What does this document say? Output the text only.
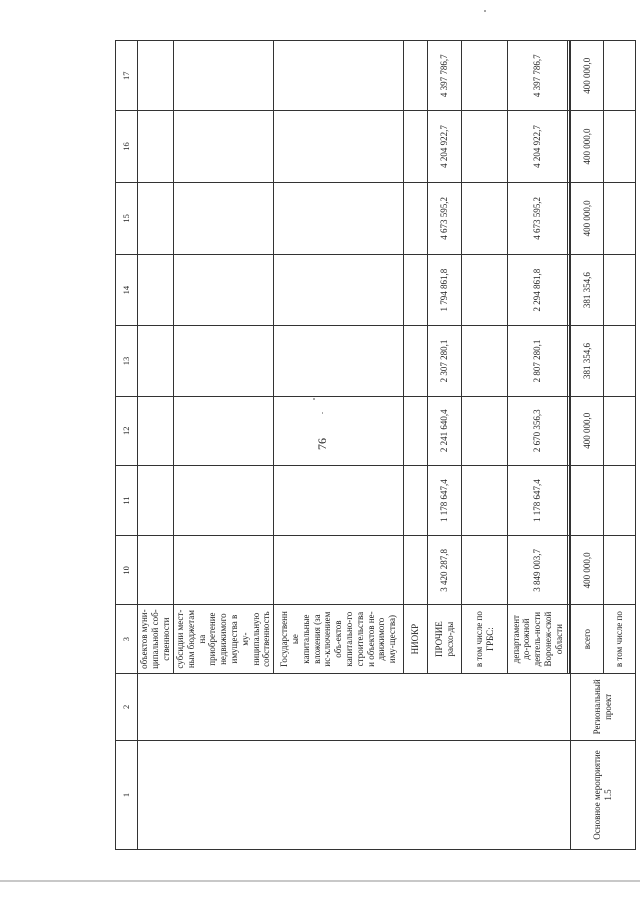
76
1	2	3	10	11	12	13	14	15	16	17
		объектов муни-ципальной соб-ственности								
		субсидии мест-ным бюджетам на приобретение недвижимого имущества в му-ниципальную собственность								
		Государственные капитальные вложения (за ис-ключением объ-ектов капитально-го строительства и объектов не-движимого иму-щества)								
		НИОКР								
		ПРОЧИЕ расхо-ды	3 420 287,8	1 178 647,4	2 241 640,4	2 307 280,1	1 794 861,8	4 673 595,2	4 204 922,7	4 397 786,7
		в том числе по ГРБС:								
		департамент до-рожной деятель-ности Воронеж-ской области	3 849 003,7	1 178 647,4	2 670 356,3	2 807 280,1	2 294 861,8	4 673 595,2	4 204 922,7	4 397 786,7

Основное мероприятие 1.5	Региональный проект	всего	400 000,0		400 000,0	381 354,6	381 354,6	400 000,0	400 000,0	400 000,0
		в том числе по								
